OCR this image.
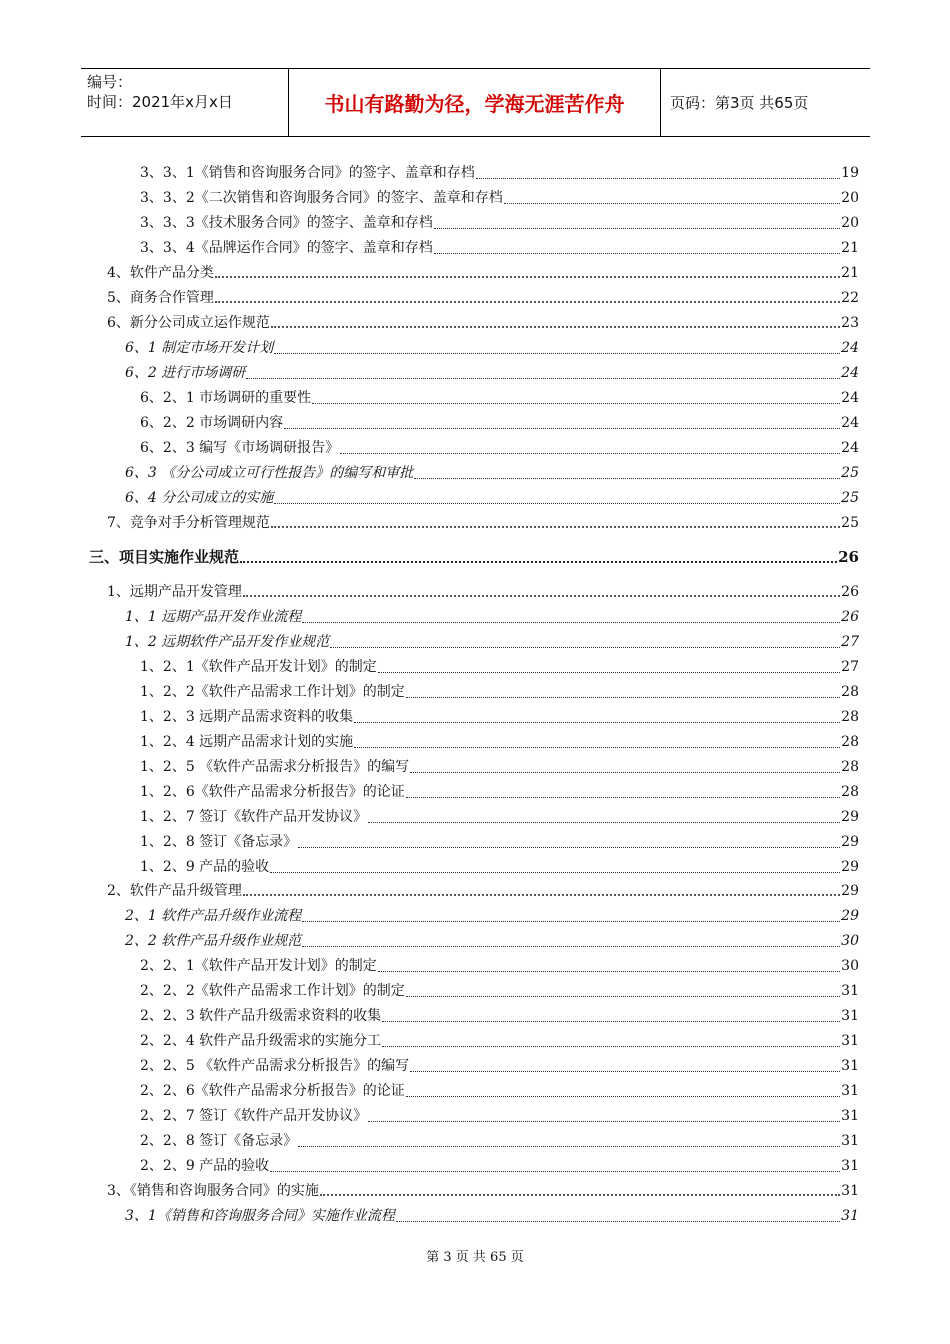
编号：
时间：2021年x月x日	书山有路勤为径，学海无涯苦作舟	页码：第3页 共65页
3、3、1《销售和咨询服务合同》的签字、盖章和存档	19
3、3、2《二次销售和咨询服务合同》的签字、盖章和存档	20
3、3、3《技术服务合同》的签字、盖章和存档	20
3、3、4《品牌运作合同》的签字、盖章和存档	21
4、软件产品分类	21
5、商务合作管理	22
6、新分公司成立运作规范	23
6、1 制定市场开发计划	24
6、2 进行市场调研	24
6、2、1 市场调研的重要性	24
6、2、2 市场调研内容	24
6、2、3 编写《市场调研报告》	24
6、3 《分公司成立可行性报告》的编写和审批	25
6、4 分公司成立的实施	25
7、竞争对手分析管理规范	25
三、项目实施作业规范	26
1、远期产品开发管理	26
1、1 远期产品开发作业流程	26
1、2 远期软件产品开发作业规范	27
1、2、1《软件产品开发计划》的制定	27
1、2、2《软件产品需求工作计划》的制定	28
1、2、3 远期产品需求资料的收集	28
1、2、4 远期产品需求计划的实施	28
1、2、5 《软件产品需求分析报告》的编写	28
1、2、6《软件产品需求分析报告》的论证	28
1、2、7 签订《软件产品开发协议》	29
1、2、8 签订《备忘录》	29
1、2、9 产品的验收	29
2、软件产品升级管理	29
2、1 软件产品升级作业流程	29
2、2 软件产品升级作业规范	30
2、2、1《软件产品开发计划》的制定	30
2、2、2《软件产品需求工作计划》的制定	31
2、2、3 软件产品升级需求资料的收集	31
2、2、4 软件产品升级需求的实施分工	31
2、2、5 《软件产品需求分析报告》的编写	31
2、2、6《软件产品需求分析报告》的论证	31
2、2、7 签订《软件产品开发协议》	31
2、2、8 签订《备忘录》	31
2、2、9 产品的验收	31
3、《销售和咨询服务合同》的实施	31
3、1《销售和咨询服务合同》实施作业流程	31
第 3 页 共 65 页
